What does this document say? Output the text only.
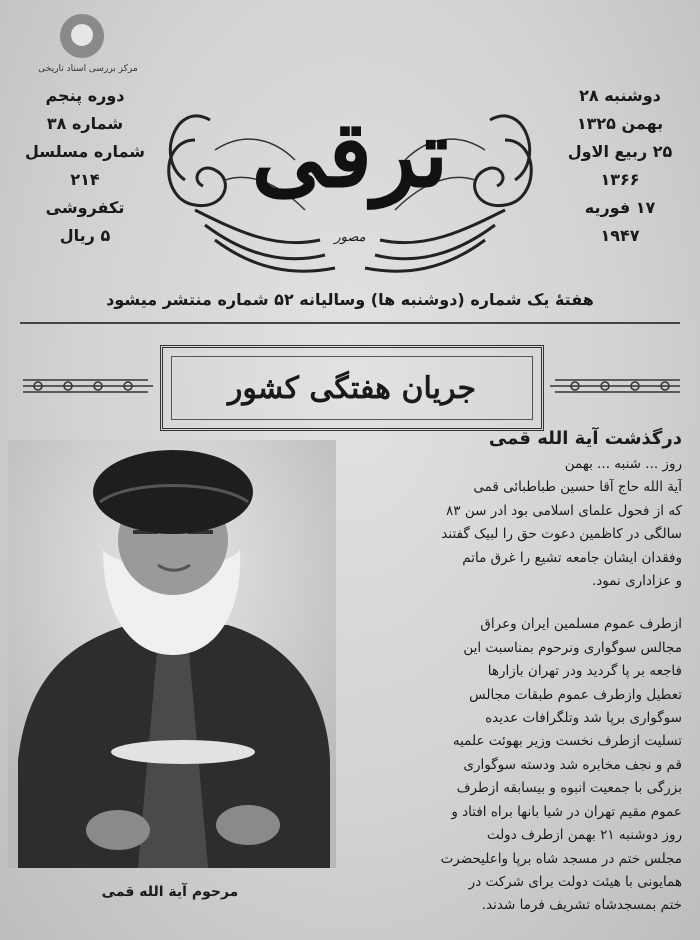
مرکز بررسی اسناد تاریخی
دوشنبه ۲۸
بهمن ۱۳۲۵
۲۵ ربیع الاول
۱۳۶۶
۱۷ فوریه
۱۹۴۷
دوره پنجم
شماره ۳۸
شماره مسلسل
۲۱۴
تکفروشی
۵ ریال
ترقی
مصور
هفتهٔ یک شماره (دوشنبه ها) وسالیانه ۵۲ شماره منتشر میشود
جریان هفتگی کشور
مرحوم آیة الله قمی
درگذشت آیة الله قمی
روز ... شنبه ... بهمن
آیة الله حاج آقا حسین طباطبائی قمی
که از فحول علمای اسلامی بود ادر سن ۸۳
سالگی در کاظمین دعوت حق را لبیک گفتند
وفقدان ایشان جامعه تشیع را غرق ماتم
و عزاداری نمود.
ازطرف عموم مسلمین ایران وعراق
مجالس سوگواری ونرحوم بمناسبت این
فاجعه بر پا گردید ودر تهران بازارها
تعطیل وازطرف عموم طبقات مجالس
سوگواری برپا شد وتلگرافات عدیده
تسلیت ازطرف نخست وزیر بهوئت علمیه
قم و نجف مخابره شد ودسته سوگواری
بزرگی با جمعیت انبوه و بیسابقه ازطرف
عموم مقیم تهران در شیا بانها براه افتاد و
روز دوشنبه ۲۱ بهمن ازطرف دولت
مجلس ختم در مسجد شاه برپا واعلیحضرت
همایونی با هیئت دولت برای شرکت در
ختم بمسجدشاه تشریف فرما شدند.
